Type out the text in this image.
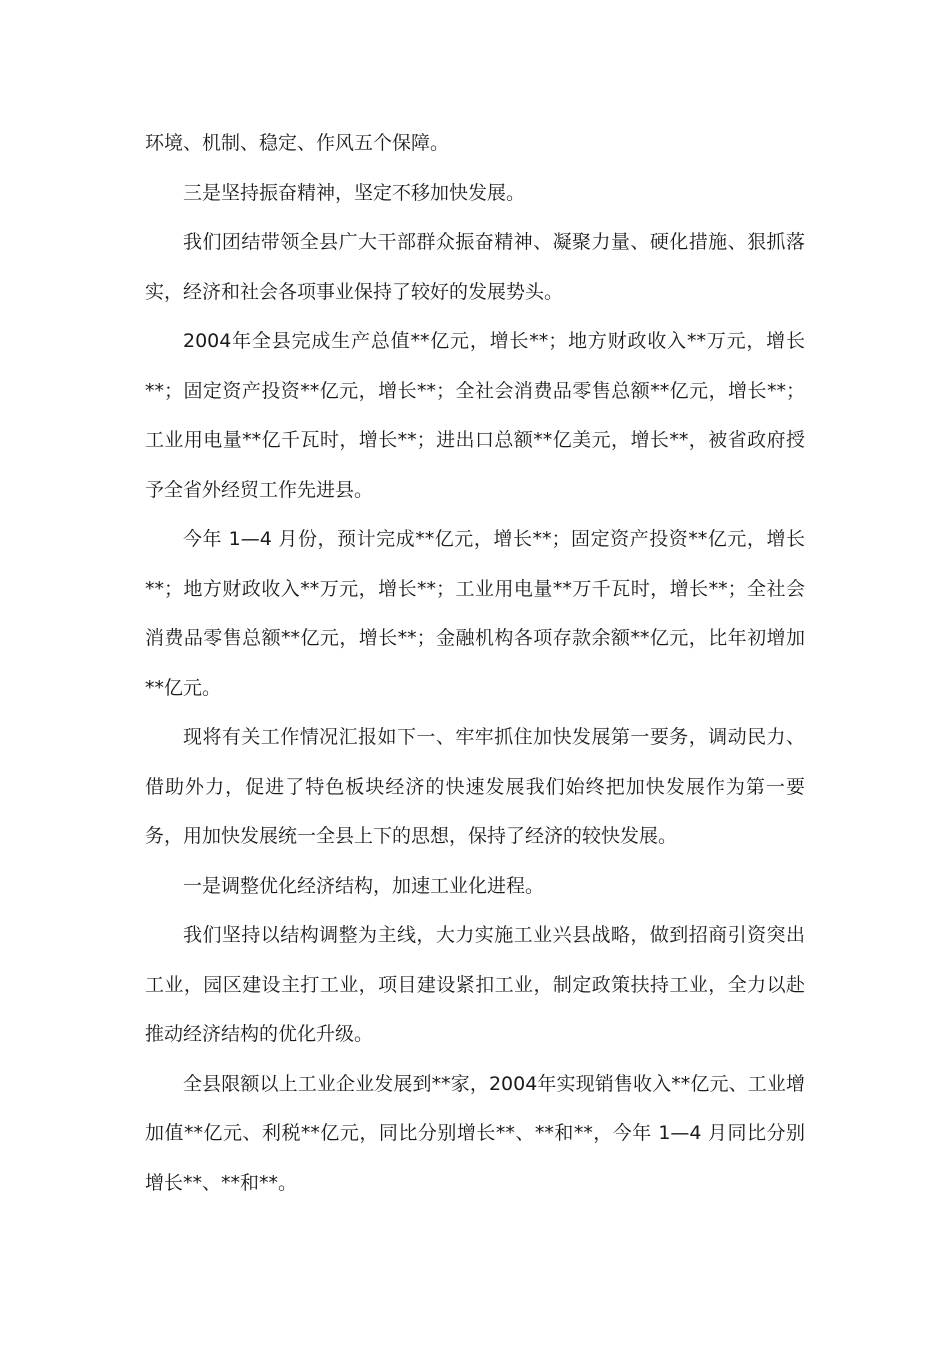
环境、机制、稳定、作风五个保障。

三是坚持振奋精神，坚定不移加快发展。

我们团结带领全县广大干部群众振奋精神、凝聚力量、硬化措施、狠抓落实，经济和社会各项事业保持了较好的发展势头。

2004年全县完成生产总值**亿元，增长**；地方财政收入**万元，增长**；固定资产投资**亿元，增长**；全社会消费品零售总额**亿元，增长**；工业用电量**亿千瓦时，增长**；进出口总额**亿美元，增长**，被省政府授予全省外经贸工作先进县。

今年 1—4 月份，预计完成**亿元，增长**；固定资产投资**亿元，增长**；地方财政收入**万元，增长**；工业用电量**万千瓦时，增长**；全社会消费品零售总额**亿元，增长**；金融机构各项存款余额**亿元，比年初增加**亿元。

现将有关工作情况汇报如下一、牢牢抓住加快发展第一要务，调动民力、借助外力，促进了特色板块经济的快速发展我们始终把加快发展作为第一要务，用加快发展统一全县上下的思想，保持了经济的较快发展。

一是调整优化经济结构，加速工业化进程。

我们坚持以结构调整为主线，大力实施工业兴县战略，做到招商引资突出工业，园区建设主打工业，项目建设紧扣工业，制定政策扶持工业，全力以赴推动经济结构的优化升级。

全县限额以上工业企业发展到**家，2004年实现销售收入**亿元、工业增加值**亿元、利税**亿元，同比分别增长**、**和**，今年 1—4 月同比分别增长**、**和**。
